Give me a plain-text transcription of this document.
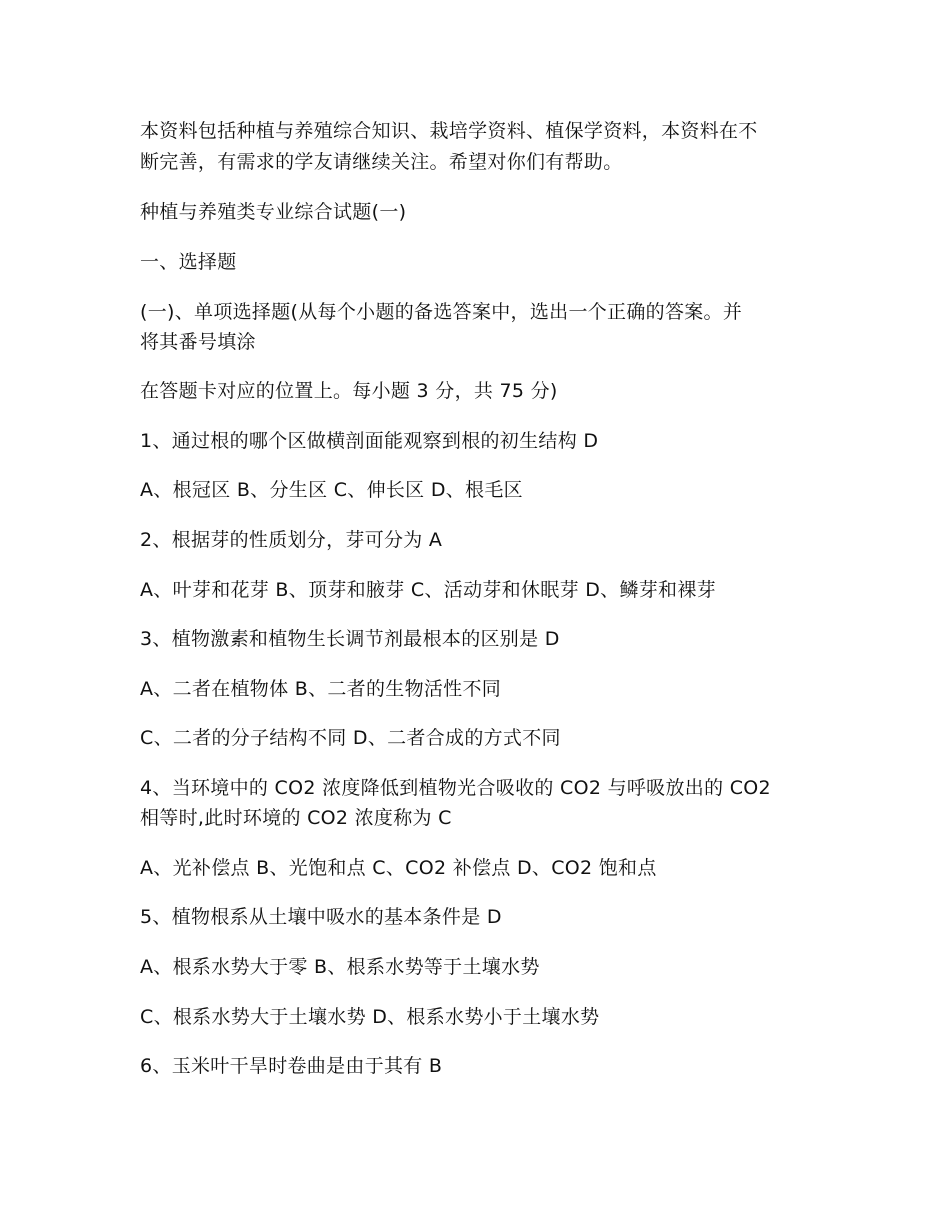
本资料包括种植与养殖综合知识、栽培学资料、植保学资料，本资料在不
断完善，有需求的学友请继续关注。希望对你们有帮助。
种植与养殖类专业综合试题(一)
一、选择题
(一)、单项选择题(从每个小题的备选答案中，选出一个正确的答案。并
将其番号填涂
在答题卡对应的位置上。每小题 3 分，共 75 分)
1、通过根的哪个区做横剖面能观察到根的初生结构 D
A、根冠区 B、分生区 C、伸长区 D、根毛区
2、根据芽的性质划分，芽可分为 A
A、叶芽和花芽 B、顶芽和腋芽 C、活动芽和休眠芽 D、鳞芽和裸芽
3、植物激素和植物生长调节剂最根本的区别是 D
A、二者在植物体 B、二者的生物活性不同
C、二者的分子结构不同 D、二者合成的方式不同
4、当环境中的 CO2 浓度降低到植物光合吸收的 CO2 与呼吸放出的 CO2
相等时,此时环境的 CO2 浓度称为 C
A、光补偿点 B、光饱和点 C、CO2 补偿点 D、CO2 饱和点
5、植物根系从土壤中吸水的基本条件是 D
A、根系水势大于零 B、根系水势等于土壤水势
C、根系水势大于土壤水势 D、根系水势小于土壤水势
6、玉米叶干旱时卷曲是由于其有 B
